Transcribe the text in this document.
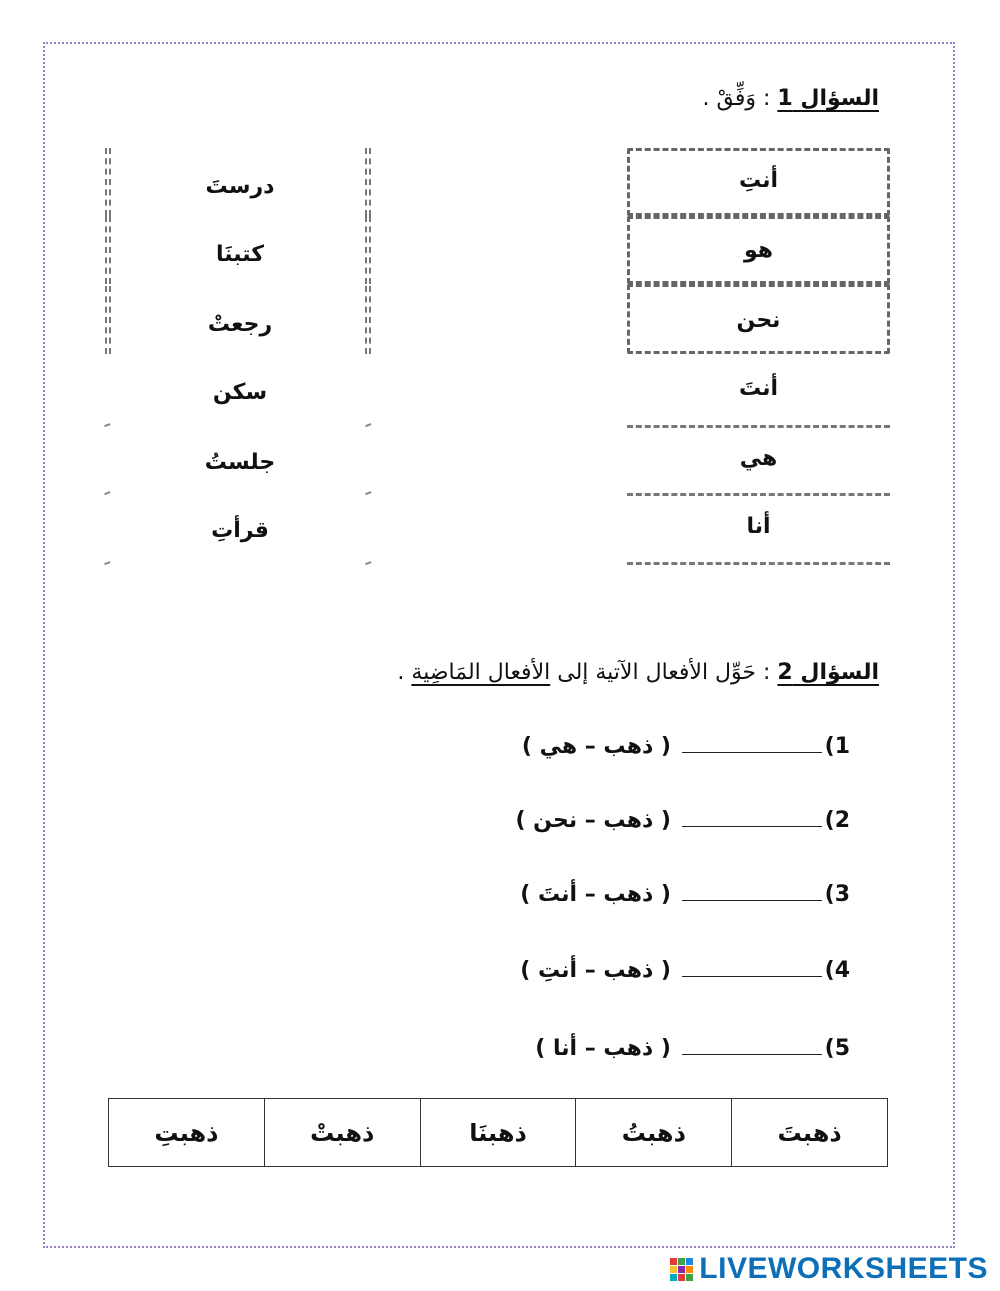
السؤال 1 : وَفِّقْ .
أنتِ
هو
نحن
أنتَ
هي
أنا
درستَ
كتبنَا
رجعتْ
سكن
جلستُ
قرأتِ
السؤال 2 : حَوِّل الأفعال الآتية إلى الأفعال المَاضِية .
1) ( ذهب – هي )
2) ( ذهب – نحن )
3) ( ذهب – أنتَ )
4) ( ذهب – أنتِ )
5) ( ذهب – أنا )
ذهبتَ	ذهبتُ	ذهبنَا	ذهبتْ	ذهبتِ
LIVEWORKSHEETS
